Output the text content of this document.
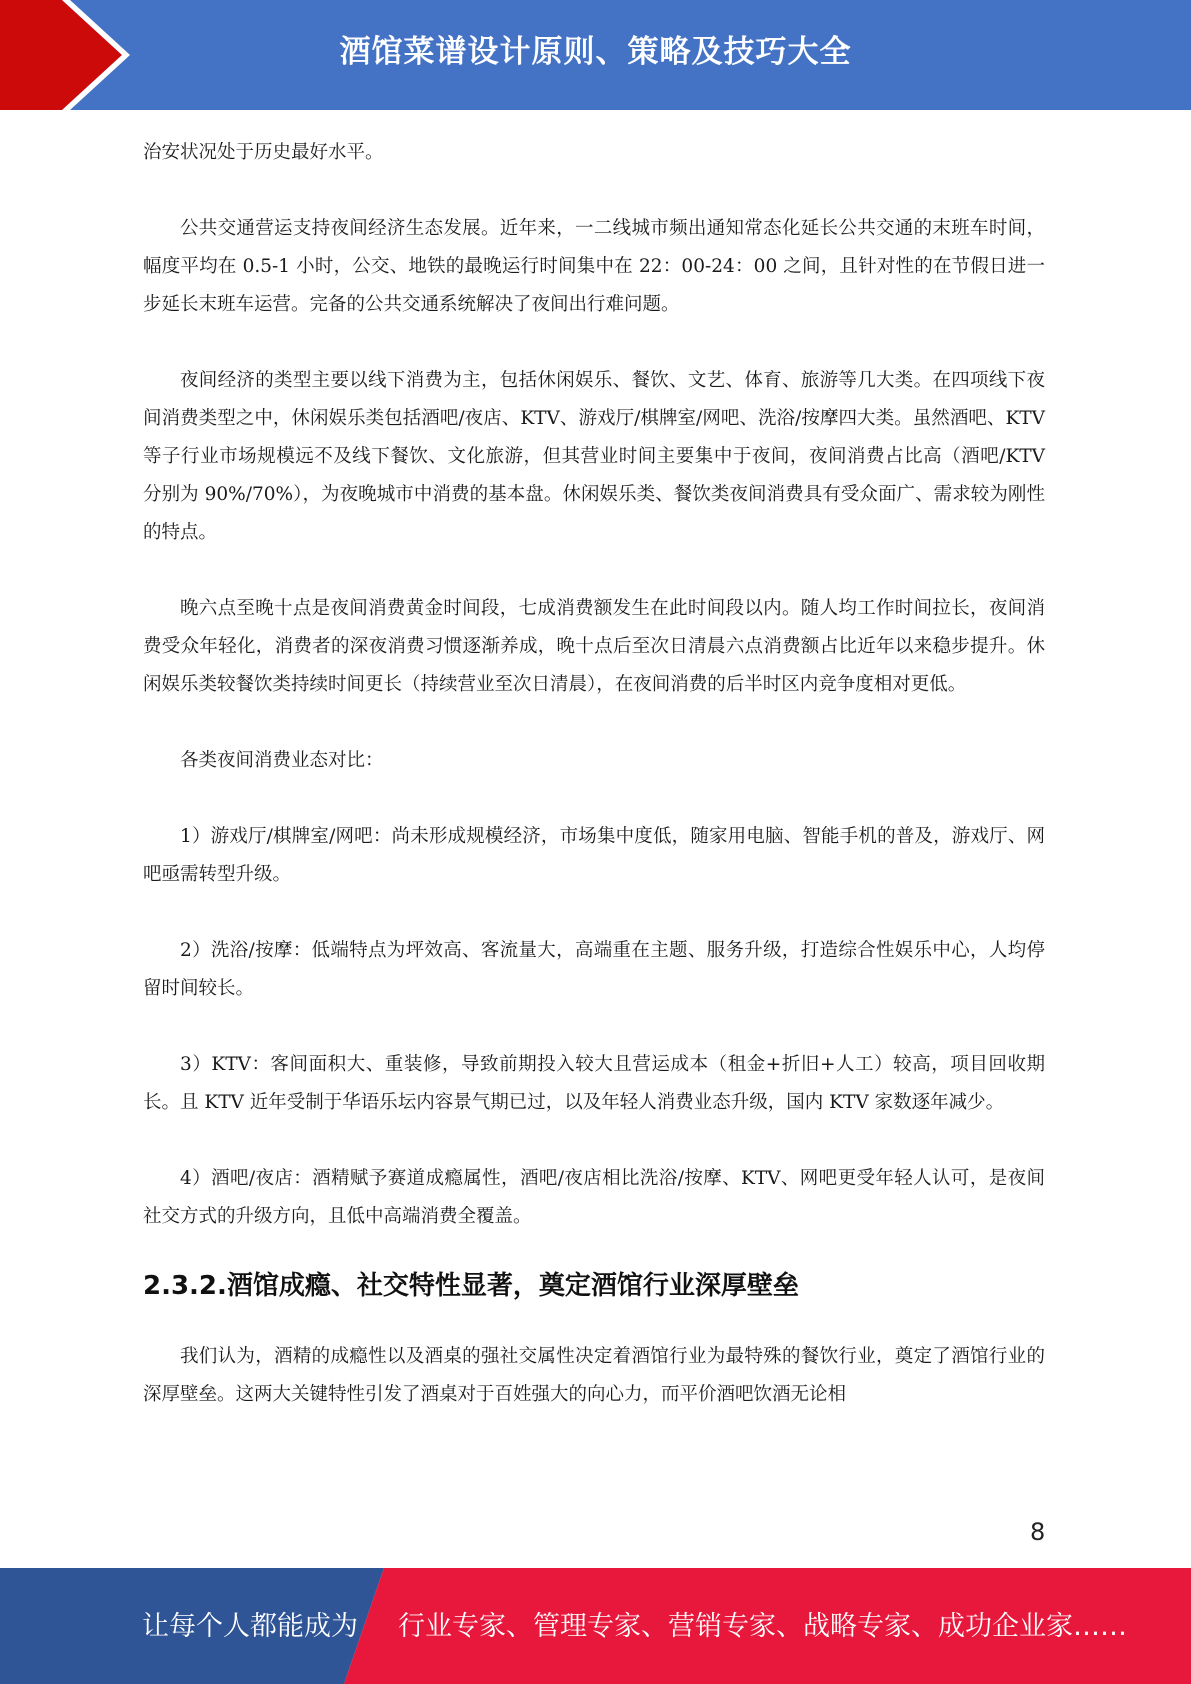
酒馆菜谱设计原则、策略及技巧大全

治安状况处于历史最好水平。

公共交通营运支持夜间经济生态发展。近年来，一二线城市频出通知常态化延长公共交通的末班车时间，幅度平均在 0.5-1 小时，公交、地铁的最晚运行时间集中在 22：00-24：00 之间，且针对性的在节假日进一步延长末班车运营。完备的公共交通系统解决了夜间出行难问题。

夜间经济的类型主要以线下消费为主，包括休闲娱乐、餐饮、文艺、体育、旅游等几大类。在四项线下夜间消费类型之中，休闲娱乐类包括酒吧/夜店、KTV、游戏厅/棋牌室/网吧、洗浴/按摩四大类。虽然酒吧、KTV 等子行业市场规模远不及线下餐饮、文化旅游，但其营业时间主要集中于夜间，夜间消费占比高（酒吧/KTV 分别为 90%/70%），为夜晚城市中消费的基本盘。休闲娱乐类、餐饮类夜间消费具有受众面广、需求较为刚性的特点。

晚六点至晚十点是夜间消费黄金时间段，七成消费额发生在此时间段以内。随人均工作时间拉长，夜间消费受众年轻化，消费者的深夜消费习惯逐渐养成，晚十点后至次日清晨六点消费额占比近年以来稳步提升。休闲娱乐类较餐饮类持续时间更长（持续营业至次日清晨），在夜间消费的后半时区内竞争度相对更低。

各类夜间消费业态对比：

1）游戏厅/棋牌室/网吧：尚未形成规模经济，市场集中度低，随家用电脑、智能手机的普及，游戏厅、网吧亟需转型升级。

2）洗浴/按摩：低端特点为坪效高、客流量大，高端重在主题、服务升级，打造综合性娱乐中心，人均停留时间较长。

3）KTV：客间面积大、重装修，导致前期投入较大且营运成本（租金+折旧+人工）较高，项目回收期长。且 KTV 近年受制于华语乐坛内容景气期已过，以及年轻人消费业态升级，国内 KTV 家数逐年减少。

4）酒吧/夜店：酒精赋予赛道成瘾属性，酒吧/夜店相比洗浴/按摩、KTV、网吧更受年轻人认可，是夜间社交方式的升级方向，且低中高端消费全覆盖。

2.3.2.酒馆成瘾、社交特性显著，奠定酒馆行业深厚壁垒

我们认为，酒精的成瘾性以及酒桌的强社交属性决定着酒馆行业为最特殊的餐饮行业，奠定了酒馆行业的深厚壁垒。这两大关键特性引发了酒桌对于百姓强大的向心力，而平价酒吧饮酒无论相

8
让每个人都能成为 行业专家、管理专家、营销专家、战略专家、成功企业家……
